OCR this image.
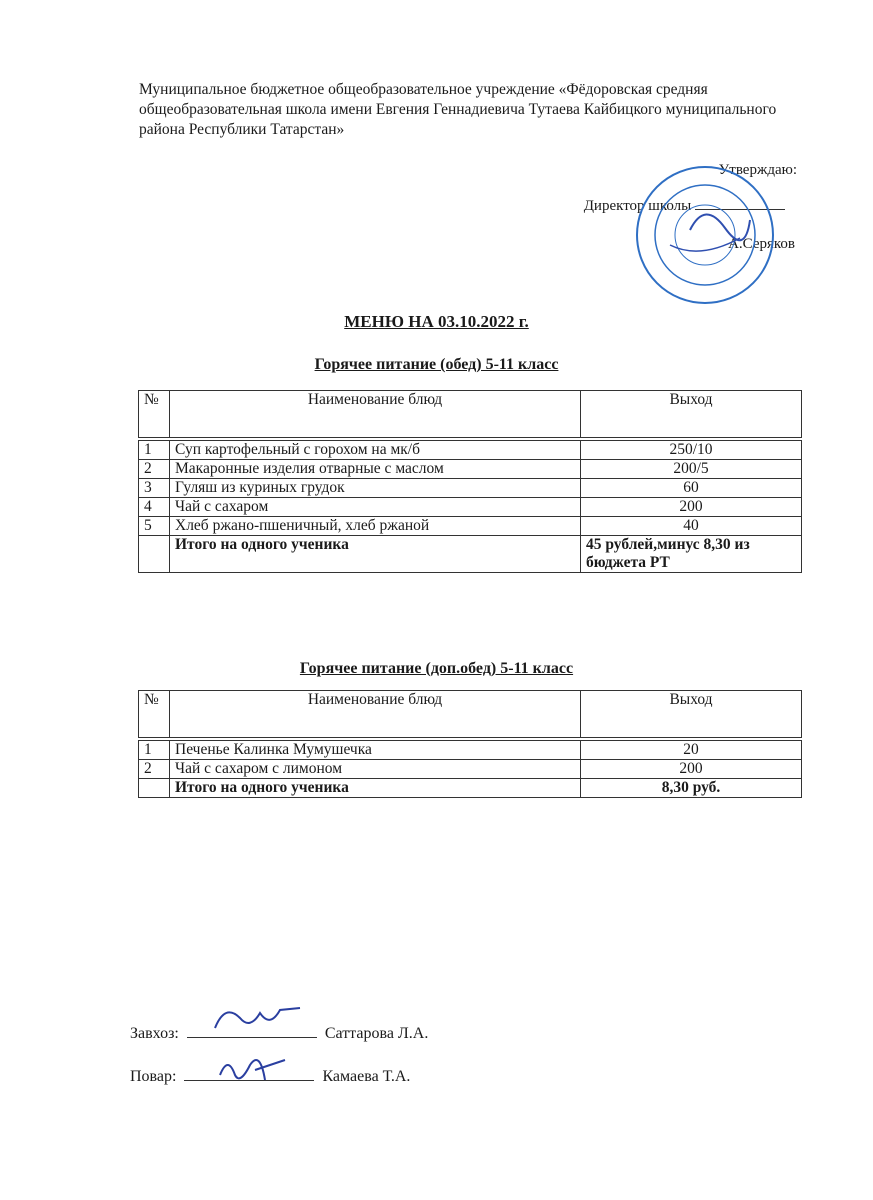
Муниципальное бюджетное общеобразовательное учреждение «Фёдоровская средняя общеобразовательная школа имени Евгения Геннадиевича Тутаева Кайбицкого муниципального района Республики Татарстан»
Утверждаю:
Директор школы
А.Серяков
МЕНЮ НА 03.10.2022 г.
Горячее питание (обед) 5-11 класс
№	Наименование блюд	Выход
1	Суп картофельный с горохом на мк/б	250/10
2	Макаронные изделия отварные с маслом	200/5
3	Гуляш из куриных грудок	60
4	Чай с сахаром	200
5	Хлеб ржано-пшеничный, хлеб ржаной	40
	Итого на одного ученика	45 рублей,минус 8,30 из бюджета РТ
Горячее питание (доп.обед) 5-11 класс
№	Наименование блюд	Выход
1	Печенье Калинка Мумушечка	20
2	Чай с сахаром с лимоном	200
	Итого на одного ученика	8,30 руб.
Завхоз:	Саттарова Л.А.
Повар:	Камаева Т.А.
